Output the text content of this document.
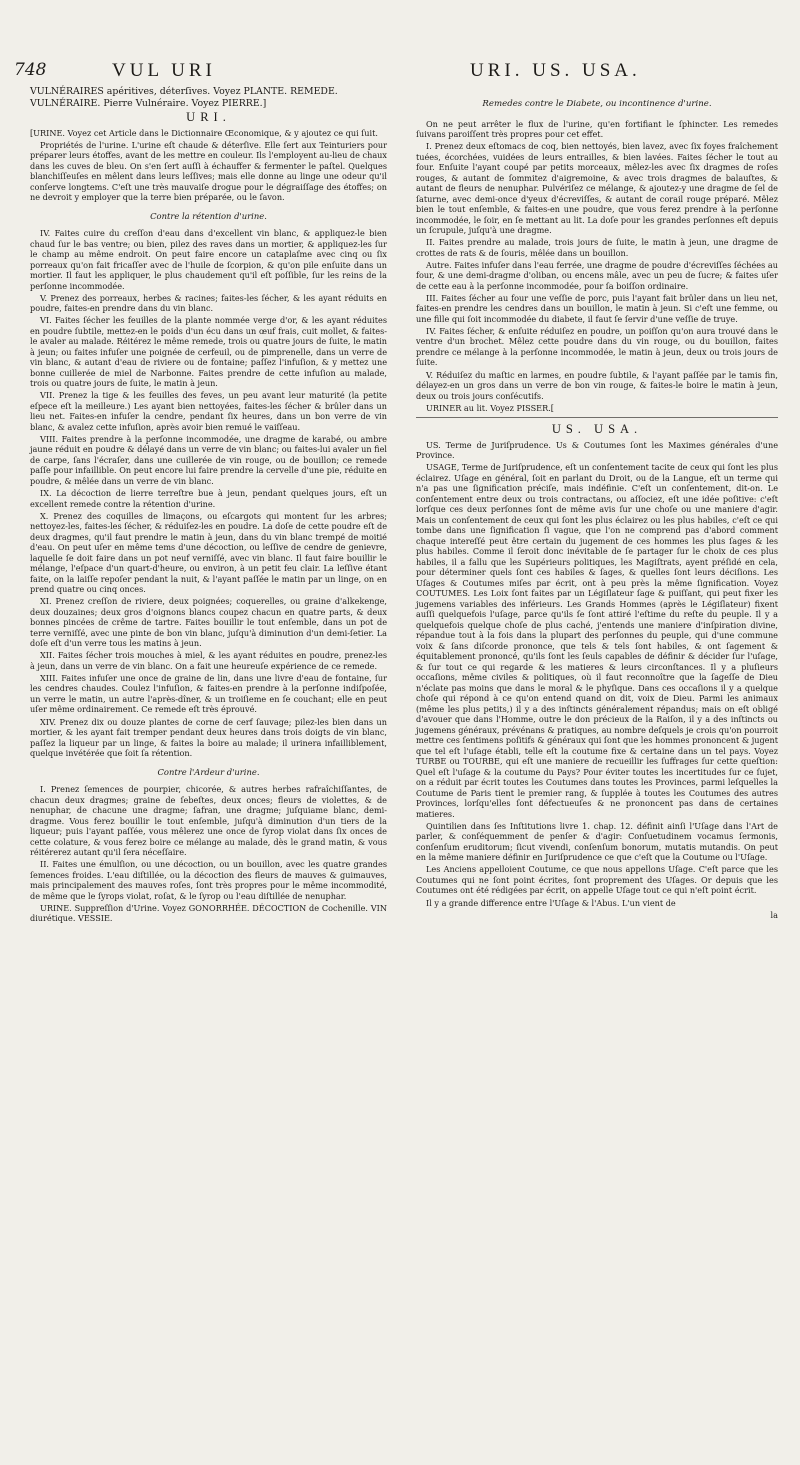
748	VUL URI	URI. US. USA.

VULNÉRAIRES apéritives, déterſives. Voyez PLANTE. REMEDE.

VULNÉRAIRE. Pierre Vulnéraire. Voyez PIERRE.]

URI.

[URINE. Voyez cet Article dans le Dictionnaire Œconomique, & y ajoutez ce qui ſuit.

Propriétés de l'urine. L'urine eſt chaude & déterſive. Elle ſert aux Teinturiers pour préparer leurs étoffes, avant de les mettre en couleur. Ils l'employent au-lieu de chaux dans les cuves de bleu. On s'en ſert auſſi à échauffer & fermenter le paſtel. Quelques blanchiſſeuſes en mêlent dans leurs leſſives; mais elle donne au linge une odeur qu'il conſerve longtems. C'eſt une très mauvaiſe drogue pour le dégraiſſage des étoffes; on ne devroit y employer que la terre bien préparée, ou le ſavon.

Contre la rétention d'urine.

IV. Faites cuire du creſſon d'eau dans d'excellent vin blanc, & appliquez-le bien chaud ſur le bas ventre; ou bien, pilez des raves dans un mortier, & appliquez-les ſur le champ au même endroit. On peut faire encore un cataplaſme avec cinq ou ſix porreaux qu'on fait fricaſſer avec de l'huile de ſcorpion, & qu'on pile enſuite dans un mortier. Il faut les appliquer, le plus chaudement qu'il eſt poſſible, ſur les reins de la perſonne incommodée.

V. Prenez des porreaux, herbes & racines; faites-les ſécher, & les ayant réduits en poudre, faites-en prendre dans du vin blanc.

VI. Faites ſécher les feuilles de la plante nommée verge d'or, & les ayant réduites en poudre ſubtile, mettez-en le poids d'un écu dans un œuf frais, cuit mollet, & faites-le avaler au malade. Réitérez le même remede, trois ou quatre jours de ſuite, le matin à jeun; ou faites infuſer une poignée de cerfeuil, ou de pimprenelle, dans un verre de vin blanc, & autant d'eau de riviere ou de fontaine; paſſez l'infuſion, & y mettez une bonne cuillerée de miel de Narbonne. Faites prendre de cette infuſion au malade, trois ou quatre jours de ſuite, le matin à jeun.

VII. Prenez la tige & les feuilles des feves, un peu avant leur maturité (la petite eſpece eſt la meilleure.) Les ayant bien nettoyées, faites-les ſécher & brûler dans un lieu net. Faites-en infuſer la cendre, pendant ſix heures, dans un bon verre de vin blanc, & avalez cette infuſion, après avoir bien remué le vaiſſeau.

VIII. Faites prendre à la perſonne incommodée, une dragme de karabé, ou ambre jaune réduit en poudre & délayé dans un verre de vin blanc; ou faites-lui avaler un fiel de carpe, ſans l'écraſer, dans une cuillerée de vin rouge, ou de bouillon; ce remede paſſe pour infaillible. On peut encore lui faire prendre la cervelle d'une pie, réduite en poudre, & mêlée dans un verre de vin blanc.

IX. La décoction de lierre terreſtre bue à jeun, pendant quelques jours, eſt un excellent remede contre la rétention d'urine.

X. Prenez des coquilles de limaçons, ou eſcargots qui montent ſur les arbres; nettoyez-les, faites-les ſécher, & réduiſez-les en poudre. La doſe de cette poudre eſt de deux dragmes, qu'il faut prendre le matin à jeun, dans du vin blanc trempé de moitié d'eau. On peut uſer en même tems d'une décoction, ou leſſive de cendre de genievre, laquelle ſe doit faire dans un pot neuf verniſſé, avec vin blanc. Il faut faire bouillir le mélange, l'eſpace d'un quart-d'heure, ou environ, à un petit feu clair. La leſſive étant faite, on la laiſſe repoſer pendant la nuit, & l'ayant paſſée le matin par un linge, on en prend quatre ou cinq onces.

XI. Prenez creſſon de riviere, deux poignées; coquerelles, ou graine d'alkekenge, deux douzaines; deux gros d'oignons blancs coupez chacun en quatre parts, & deux bonnes pincées de crême de tartre. Faites bouillir le tout enſemble, dans un pot de terre verniſſé, avec une pinte de bon vin blanc, juſqu'à diminution d'un demi-ſetier. La doſe eſt d'un verre tous les matins à jeun.

XII. Faites ſécher trois mouches à miel, & les ayant réduites en poudre, prenez-les à jeun, dans un verre de vin blanc. On a fait une heureuſe expérience de ce remede.

XIII. Faites infuſer une once de graine de lin, dans une livre d'eau de fontaine, ſur les cendres chaudes. Coulez l'infuſion, & faites-en prendre à la perſonne indiſpoſée, un verre le matin, un autre l'après-dîner, & un troiſieme en ſe couchant; elle en peut uſer même ordinairement. Ce remede eſt très éprouvé.

XIV. Prenez dix ou douze plantes de corne de cerf ſauvage; pilez-les bien dans un mortier, & les ayant fait tremper pendant deux heures dans trois doigts de vin blanc, paſſez la liqueur par un linge, & faites la boire au malade; il urinera infailliblement, quelque invétérée que ſoit ſa rétention.

Contre l'Ardeur d'urine.

I. Prenez ſemences de pourpier, chicorée, & autres herbes rafraîchiſſantes, de chacun deux dragmes; graine de ſebeſtes, deux onces; fleurs de violettes, & de nenuphar, de chacune une dragme; ſafran, une dragme; juſquiame blanc, demi-dragme. Vous ferez bouillir le tout enſemble, juſqu'à diminution d'un tiers de la liqueur; puis l'ayant paſſée, vous mêlerez une once de ſyrop violat dans ſix onces de cette colature, & vous ferez boire ce mélange au malade, dès le grand matin, & vous réitérerez autant qu'il ſera néceſſaire.

II. Faites une émulſion, ou une décoction, ou un bouillon, avec les quatre grandes ſemences froides. L'eau diſtillée, ou la décoction des fleurs de mauves & guimauves, mais principalement des mauves roſes, ſont très propres pour le même incommodité, de même que le ſyrops violat, roſat, & le ſyrop ou l'eau diſtillée de nenuphar.

URINE. Suppreſſion d'Urine. Voyez GONORRHÉE. DÉCOCTION de Cochenille. VIN diurétique. VESSIE.

Remedes contre le Diabete, ou incontinence d'urine.

On ne peut arrêter le flux de l'urine, qu'en fortifiant le ſphincter. Les remedes ſuivans paroiſſent très propres pour cet effet.

I. Prenez deux eſtomacs de coq, bien nettoyés, bien lavez, avec ſix foyes fraîchement tuées, écorchées, vuidées de leurs entrailles, & bien lavées. Faites ſécher le tout au four. Enſuite l'ayant coupé par petits morceaux, mêlez-les avec ſix dragmes de roſes rouges, & autant de ſommitez d'aigremoine, & avec trois dragmes de balauſtes, & autant de fleurs de nenuphar. Pulvériſez ce mélange, & ajoutez-y une dragme de ſel de ſaturne, avec demi-once d'yeux d'écreviſſes, & autant de corail rouge préparé. Mêlez bien le tout enſemble, & faites-en une poudre, que vous ferez prendre à la perſonne incommodée, le ſoir, en ſe mettant au lit. La doſe pour les grandes perſonnes eſt depuis un ſcrupule, juſqu'à une dragme.

II. Faites prendre au malade, trois jours de ſuite, le matin à jeun, une dragme de crottes de rats & de ſouris, mêlée dans un bouillon.

Autre. Faites infuſer dans l'eau ferrée, une dragme de poudre d'écreviſſes ſéchées au four, & une demi-dragme d'oliban, ou encens mâle, avec un peu de ſucre; & faites uſer de cette eau à la perſonne incommodée, pour ſa boiſſon ordinaire.

III. Faites ſécher au four une veſſie de porc, puis l'ayant fait brûler dans un lieu net, faites-en prendre les cendres dans un bouillon, le matin à jeun. Si c'eſt une femme, ou une fille qui ſoit incommodée du diabete, il faut ſe ſervir d'une veſſie de truye.

IV. Faites ſécher, & enſuite réduiſez en poudre, un poiſſon qu'on aura trouvé dans le ventre d'un brochet. Mêlez cette poudre dans du vin rouge, ou du bouillon, faites prendre ce mélange à la perſonne incommodée, le matin à jeun, deux ou trois jours de ſuite.

V. Réduiſez du maſtic en larmes, en poudre ſubtile, & l'ayant paſſée par le tamis fin, délayez-en un gros dans un verre de bon vin rouge, & faites-le boire le matin à jeun, deux ou trois jours conſécutifs.

URINER au lit. Voyez PISSER.[

US. USA.

US. Terme de Juriſprudence. Us & Coutumes ſont les Maximes générales d'une Province.

USAGE, Terme de Juriſprudence, eſt un conſentement tacite de ceux qui ſont les plus éclairez. Uſage en général, ſoit en parlant du Droit, ou de la Langue, eſt un terme qui n'a pas une ſignification préciſe, mais indéfinie. C'eſt un conſentement, dit-on. Le conſentement entre deux ou trois contractans, ou aſſociez, eſt une idée poſitive: c'eſt lorſque ces deux perſonnes ſont de même avis ſur une choſe ou une maniere d'agir. Mais un conſentement de ceux qui ſont les plus éclairez ou les plus habiles, c'eſt ce qui tombe dans une ſignification ſi vague, que l'on ne comprend pas d'abord comment chaque intereſſé peut être certain du jugement de ces hommes les plus ſages & les plus habiles. Comme il ſeroit donc inévitable de ſe partager ſur le choix de ces plus habiles, il a fallu que les Supérieurs politiques, les Magiſtrats, ayent préſidé en cela, pour déterminer quels ſont ces habiles & ſages, & quelles ſont leurs déciſions. Les Uſages & Coutumes miſes par écrit, ont à peu près la même ſignification. Voyez COUTUMES. Les Loix ſont faites par un Légiſlateur ſage & puiſſant, qui peut fixer les jugemens variables des inférieurs. Les Grands Hommes (après le Légiſlateur) fixent auſſi quelquefois l'uſage, parce qu'ils ſe ſont attiré l'eſtime du reſte du peuple. Il y a quelquefois quelque choſe de plus caché, j'entends une maniere d'inſpiration divine, répandue tout à la fois dans la plupart des perſonnes du peuple, qui d'une commune voix & ſans diſcorde prononce, que tels & tels ſont habiles, & ont ſagement & équitablement prononcé, qu'ils ſont les ſeuls capables de définir & décider ſur l'uſage, & ſur tout ce qui regarde & les matieres & leurs circonſtances. Il y a pluſieurs occaſions, même civiles & politiques, où il faut reconnoître que la ſageſſe de Dieu n'éclate pas moins que dans le moral & le phyſique. Dans ces occaſions il y a quelque choſe qui répond à ce qu'on entend quand on dit, voix de Dieu. Parmi les animaux (même les plus petits,) il y a des inſtincts généralement répandus; mais on eſt obligé d'avouer que dans l'Homme, outre le don précieux de la Raiſon, il y a des inſtincts ou jugemens généraux, prévénans & pratiques, au nombre deſquels je crois qu'on pourroit mettre ces ſentimens poſitifs & généraux qui ſont que les hommes prononcent & jugent que tel eſt l'uſage établi, telle eſt la coutume fixe & certaine dans un tel pays. Voyez TURBE ou TOURBE, qui eſt une maniere de recueillir les ſuffrages ſur cette queſtion: Quel eſt l'uſage & la coutume du Pays? Pour éviter toutes les incertitudes ſur ce ſujet, on a réduit par écrit toutes les Coutumes dans toutes les Provinces, parmi leſquelles la Coutume de Paris tient le premier rang, & ſupplée à toutes les Coutumes des autres Provinces, lorſqu'elles ſont défectueuſes & ne prononcent pas dans de certaines matieres.

Quintilien dans ſes Inſtitutions livre 1. chap. 12. définit ainſi l'Uſage dans l'Art de parler, & conſéquemment de penſer & d'agir: Conſuetudinem vocamus ſermonis, conſenſum eruditorum; ſicut vivendi, conſenſum bonorum, mutatis mutandis. On peut en la même maniere définir en Juriſprudence ce que c'eſt que la Coutume ou l'Uſage.

Les Anciens appelloient Coutume, ce que nous appellons Uſage. C'eſt parce que les Coutumes qui ne ſont point écrites, ſont proprement des Uſages. Or depuis que les Coutumes ont été rédigées par écrit, on appelle Uſage tout ce qui n'eſt point écrit.

Il y a grande difference entre l'Uſage & l'Abus. L'un vient de

la
